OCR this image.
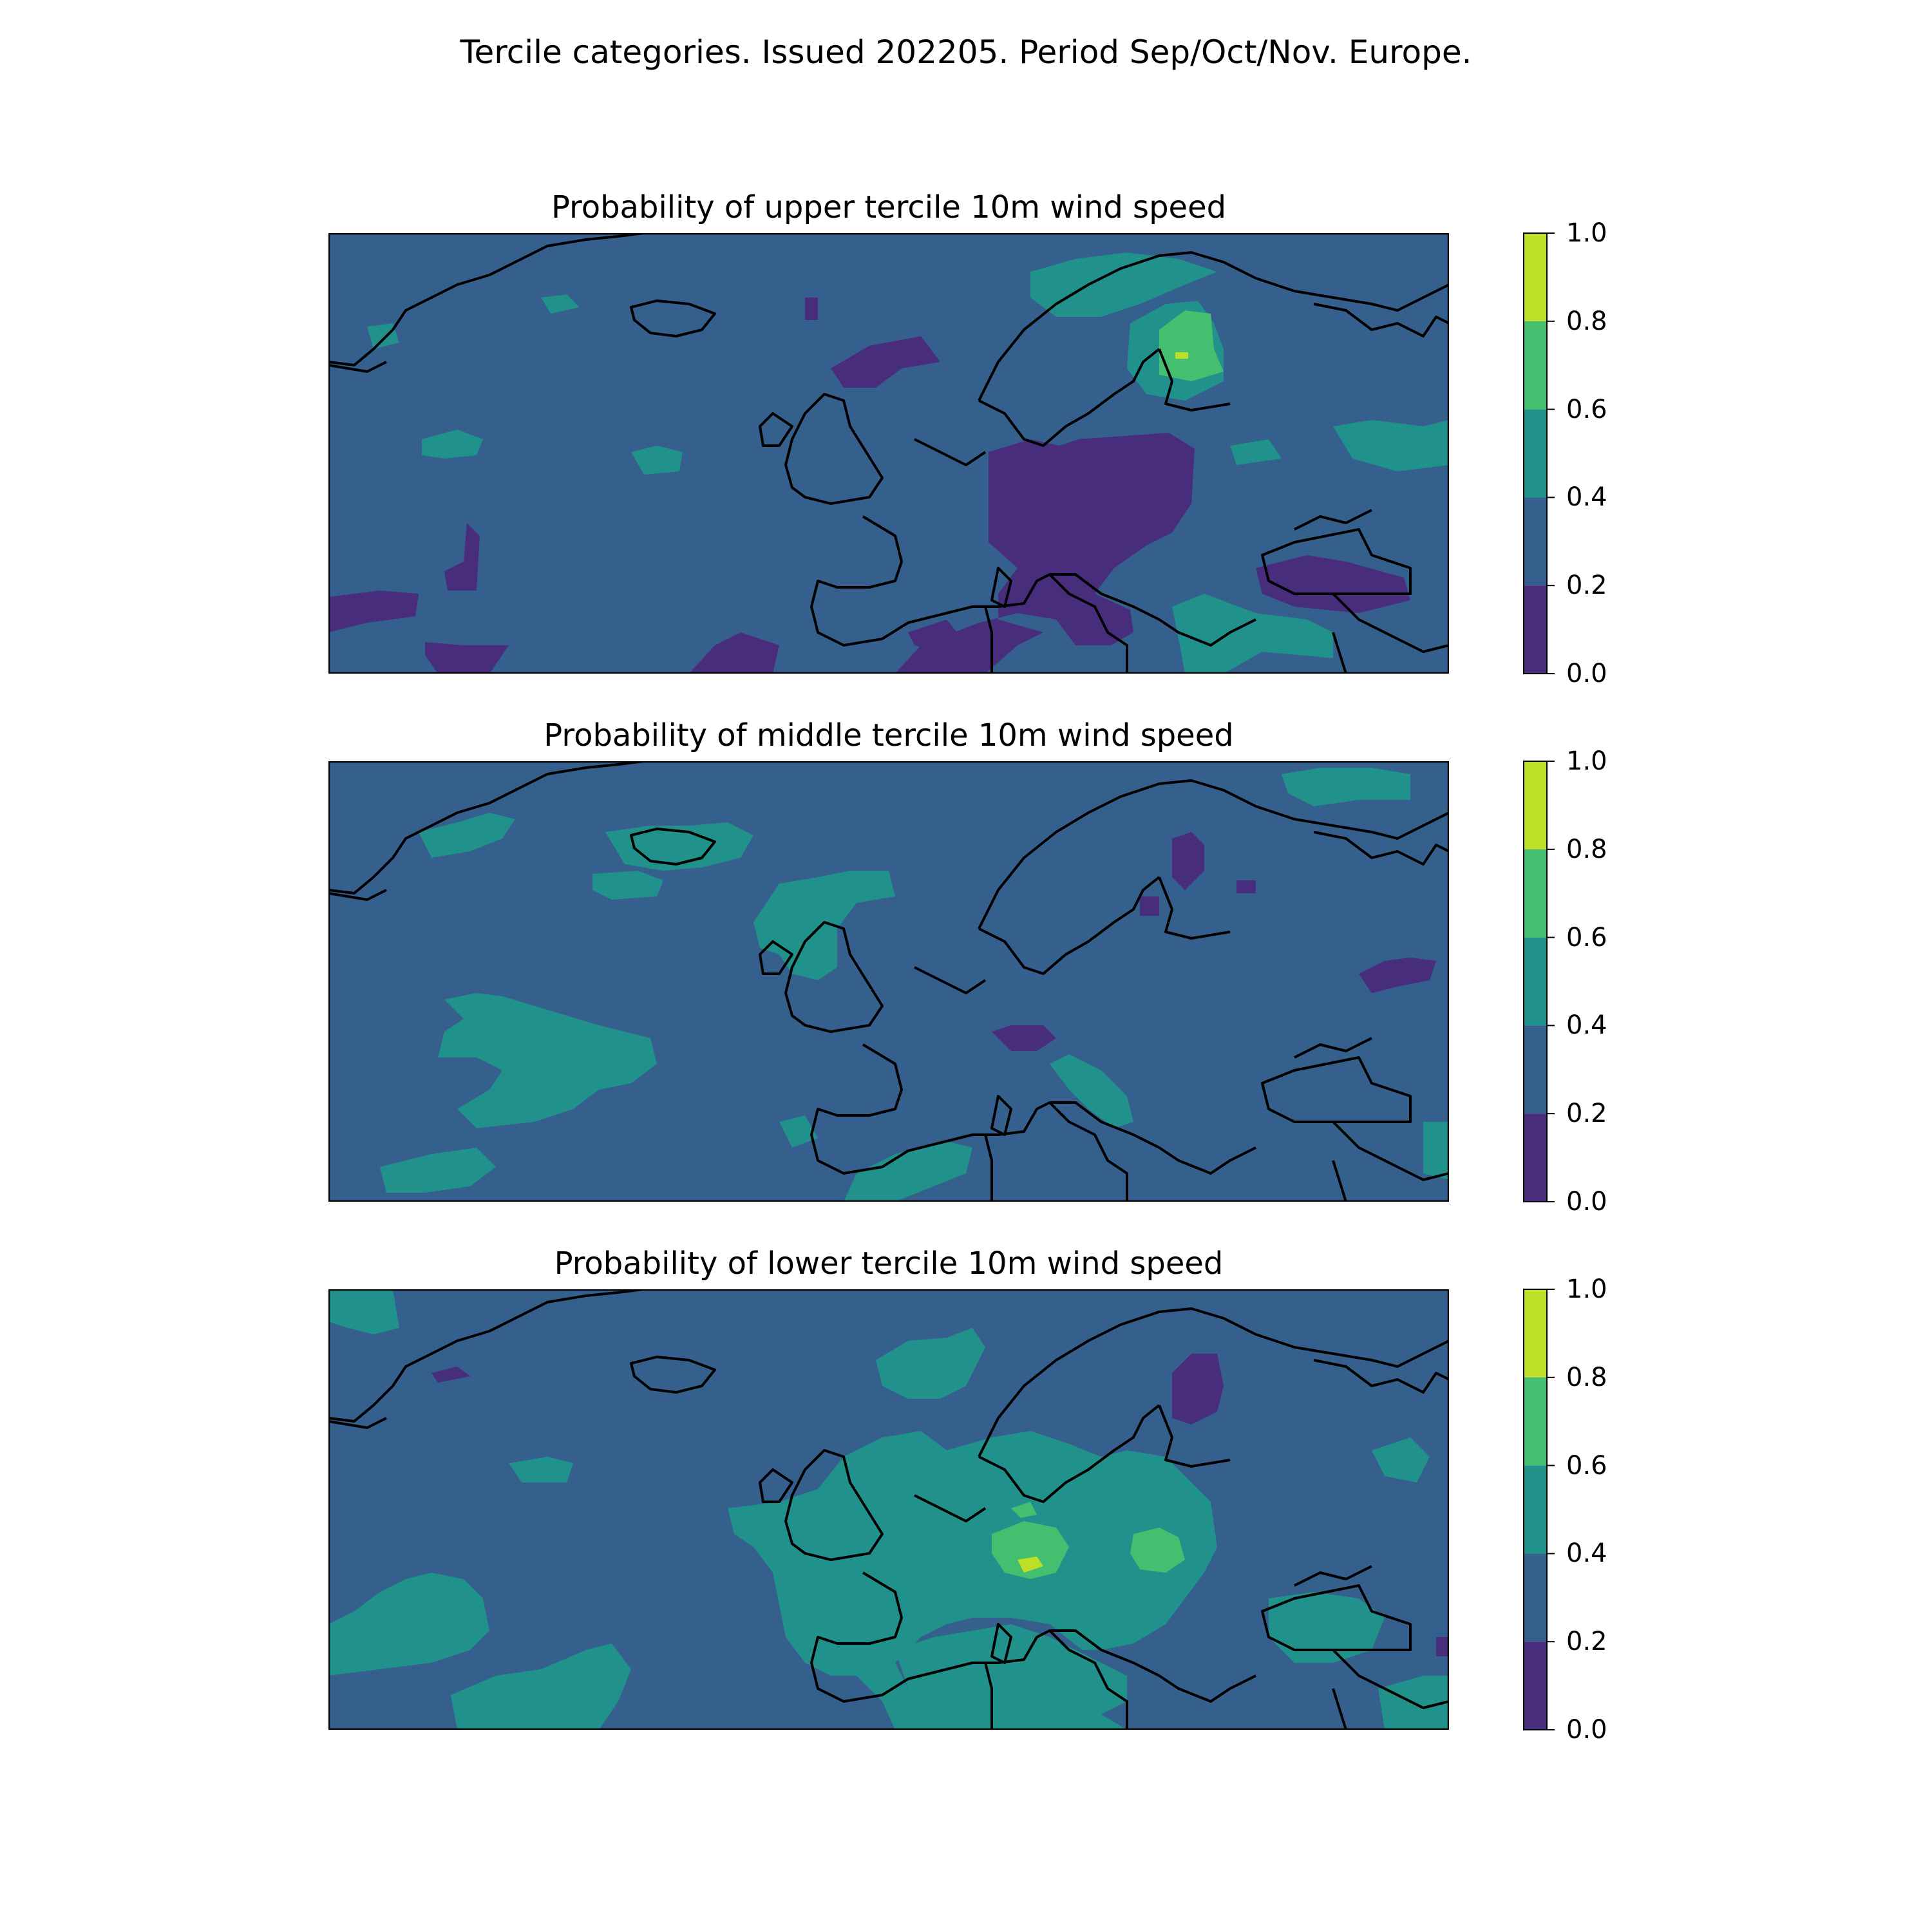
Tercile categories. Issued 202205. Period Sep/Oct/Nov. Europe.
Probability of upper tercile 10m wind speed
1.0
0.8
0.6
0.4
0.2
0.0
Probability of middle tercile 10m wind speed
1.0
0.8
0.6
0.4
0.2
0.0
Probability of lower tercile 10m wind speed
1.0
0.8
0.6
0.4
0.2
0.0
